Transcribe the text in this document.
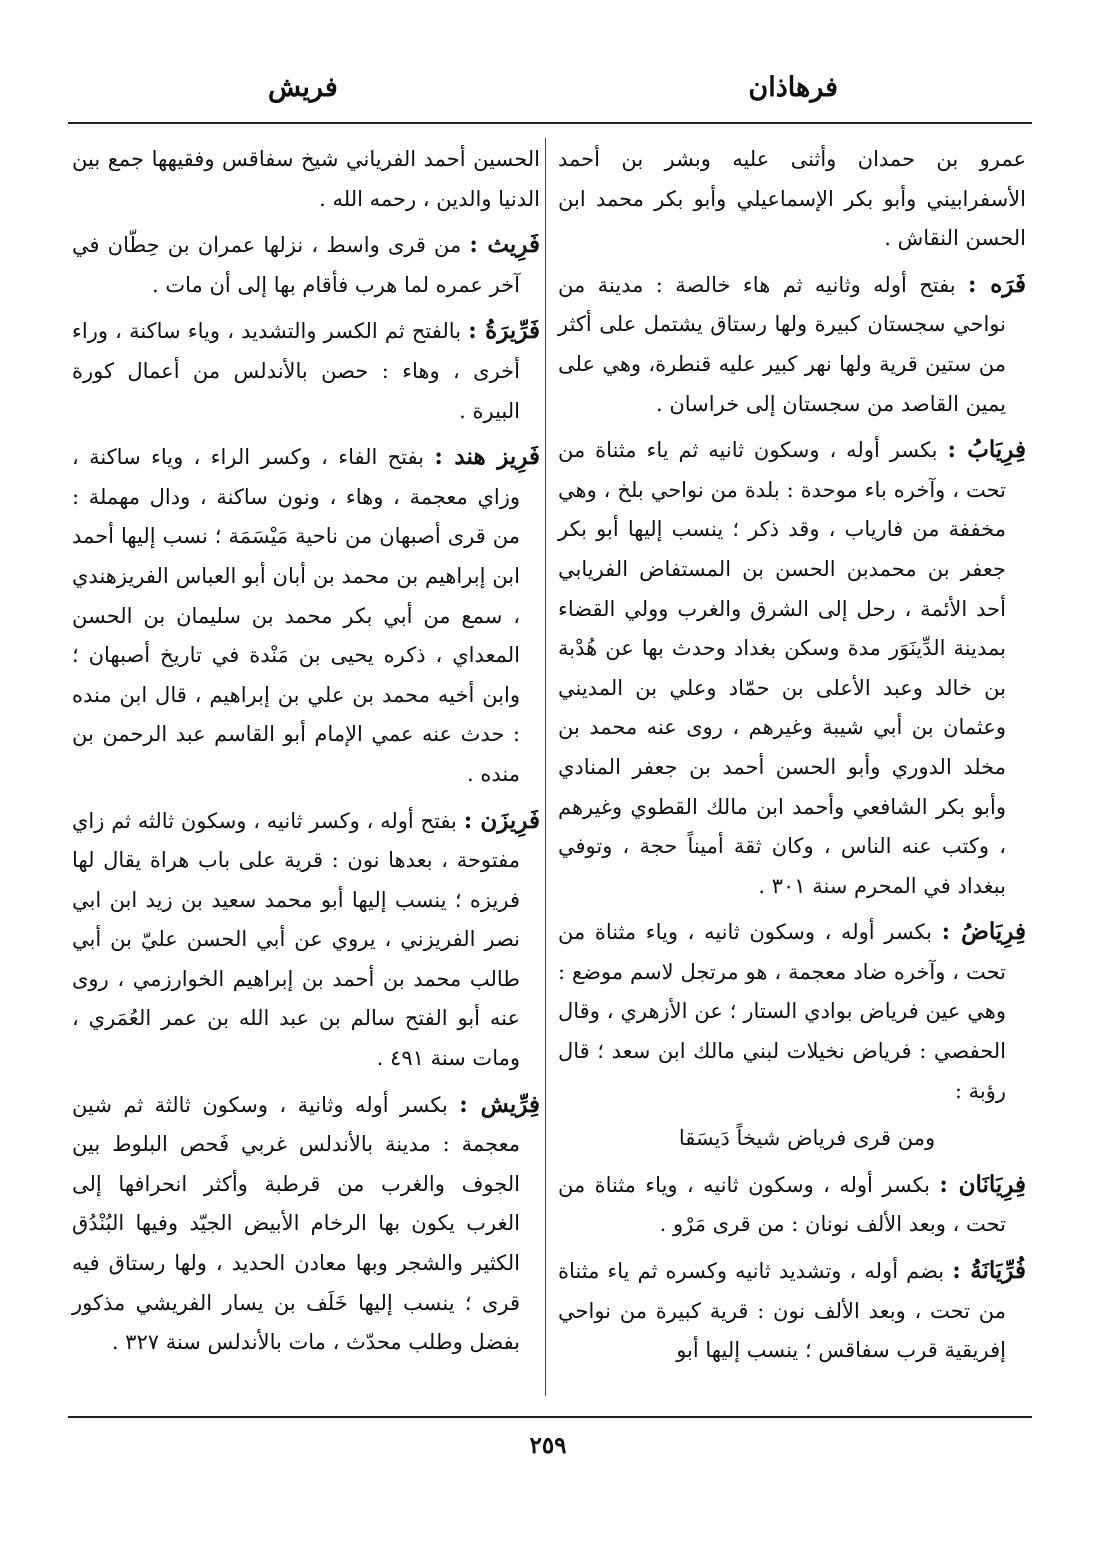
فرهاذان
فريش

عمرو بن حمدان وأثنى عليه وبشر بن أحمد الأسفرابيني وأبو بكر الإسماعيلي وأبو بكر محمد ابن الحسن النقاش .

فَرَه : بفتح أوله وثانيه ثم هاء خالصة : مدينة من نواحي سجستان كبيرة ولها رستاق يشتمل على أكثر من ستين قرية ولها نهر كبير عليه قنطرة، وهي على يمين القاصد من سجستان إلى خراسان .

فِرِيَابُ : بكسر أوله ، وسكون ثانيه ثم ياء مثناة من تحت ، وآخره باء موحدة : بلدة من نواحي بلخ ، وهي مخففة من فارياب ، وقد ذكر ؛ ينسب إليها أبو بكر جعفر بن محمدبن الحسن بن المستفاض الفريابي أحد الأئمة ، رحل إلى الشرق والغرب وولي القضاء بمدينة الدِّينَوَر مدة وسكن بغداد وحدث بها عن هُدْبة بن خالد وعبد الأعلى بن حمّاد وعلي بن المديني وعثمان بن أبي شيبة وغيرهم ، روى عنه محمد بن مخلد الدوري وأبو الحسن أحمد بن جعفر المنادي وأبو بكر الشافعي وأحمد ابن مالك القطوي وغيرهم ، وكتب عنه الناس ، وكان ثقة أميناً حجة ، وتوفي ببغداد في المحرم سنة ٣٠١ .

فِرِيَاضُ : بكسر أوله ، وسكون ثانيه ، وياء مثناة من تحت ، وآخره ضاد معجمة ، هو مرتجل لاسم موضع : وهي عين فرياض بوادي الستار ؛ عن الأزهري ، وقال الحفصي : فرياض نخيلات لبني مالك ابن سعد ؛ قال رؤبة :

ومن قرى فرياض شيخاً دَيسَقا

فِرِيَانَان : بكسر أوله ، وسكون ثانيه ، وياء مثناة من تحت ، وبعد الألف نونان : من قرى مَرْو .

فُرِّيَانَةُ : بضم أوله ، وتشديد ثانيه وكسره ثم ياء مثناة من تحت ، وبعد الألف نون : قرية كبيرة من نواحي إفريقية قرب سفاقس ؛ ينسب إليها أبو

الحسين أحمد الفرياني شيخ سفاقس وفقيهها جمع بين الدنيا والدين ، رحمه الله .

فَرِيث : من قرى واسط ، نزلها عمران بن حِطّان في آخر عمره لما هرب فأقام بها إلى أن مات .

فَرِّيرَةُ : بالفتح ثم الكسر والتشديد ، وياء ساكنة ، وراء أخرى ، وهاء : حصن بالأندلس من أعمال كورة البيرة .

فَرِيز هند : بفتح الفاء ، وكسر الراء ، وياء ساكنة ، وزاي معجمة ، وهاء ، ونون ساكنة ، ودال مهملة : من قرى أصبهان من ناحية مَيْسَمَة ؛ نسب إليها أحمد ابن إبراهيم بن محمد بن أبان أبو العباس الفريزهندي ، سمع من أبي بكر محمد بن سليمان بن الحسن المعداي ، ذكره يحيى بن مَنْدة في تاريخ أصبهان ؛ وابن أخيه محمد بن علي بن إبراهيم ، قال ابن منده : حدث عنه عمي الإمام أبو القاسم عبد الرحمن بن منده .

فَرِيزَن : بفتح أوله ، وكسر ثانيه ، وسكون ثالثه ثم زاي مفتوحة ، بعدها نون : قرية على باب هراة يقال لها فريزه ؛ ينسب إليها أبو محمد سعيد بن زيد ابن ابي نصر الفريزني ، يروي عن أبي الحسن عليّ بن أبي طالب محمد بن أحمد بن إبراهيم الخوارزمي ، روى عنه أبو الفتح سالم بن عبد الله بن عمر العُمَري ، ومات سنة ٤٩١ .

فِرِّيش : بكسر أوله وثانية ، وسكون ثالثة ثم شين معجمة : مدينة بالأندلس غربي فَحص البلوط بين الجوف والغرب من قرطبة وأكثر انحرافها إلى الغرب يكون بها الرخام الأبيض الجيّد وفيها البُنْدُق الكثير والشجر وبها معادن الحديد ، ولها رستاق فيه قرى ؛ ينسب إليها خَلَف بن يسار الفريشي مذكور بفضل وطلب محدّث ، مات بالأندلس سنة ٣٢٧ .

٢٥٩
